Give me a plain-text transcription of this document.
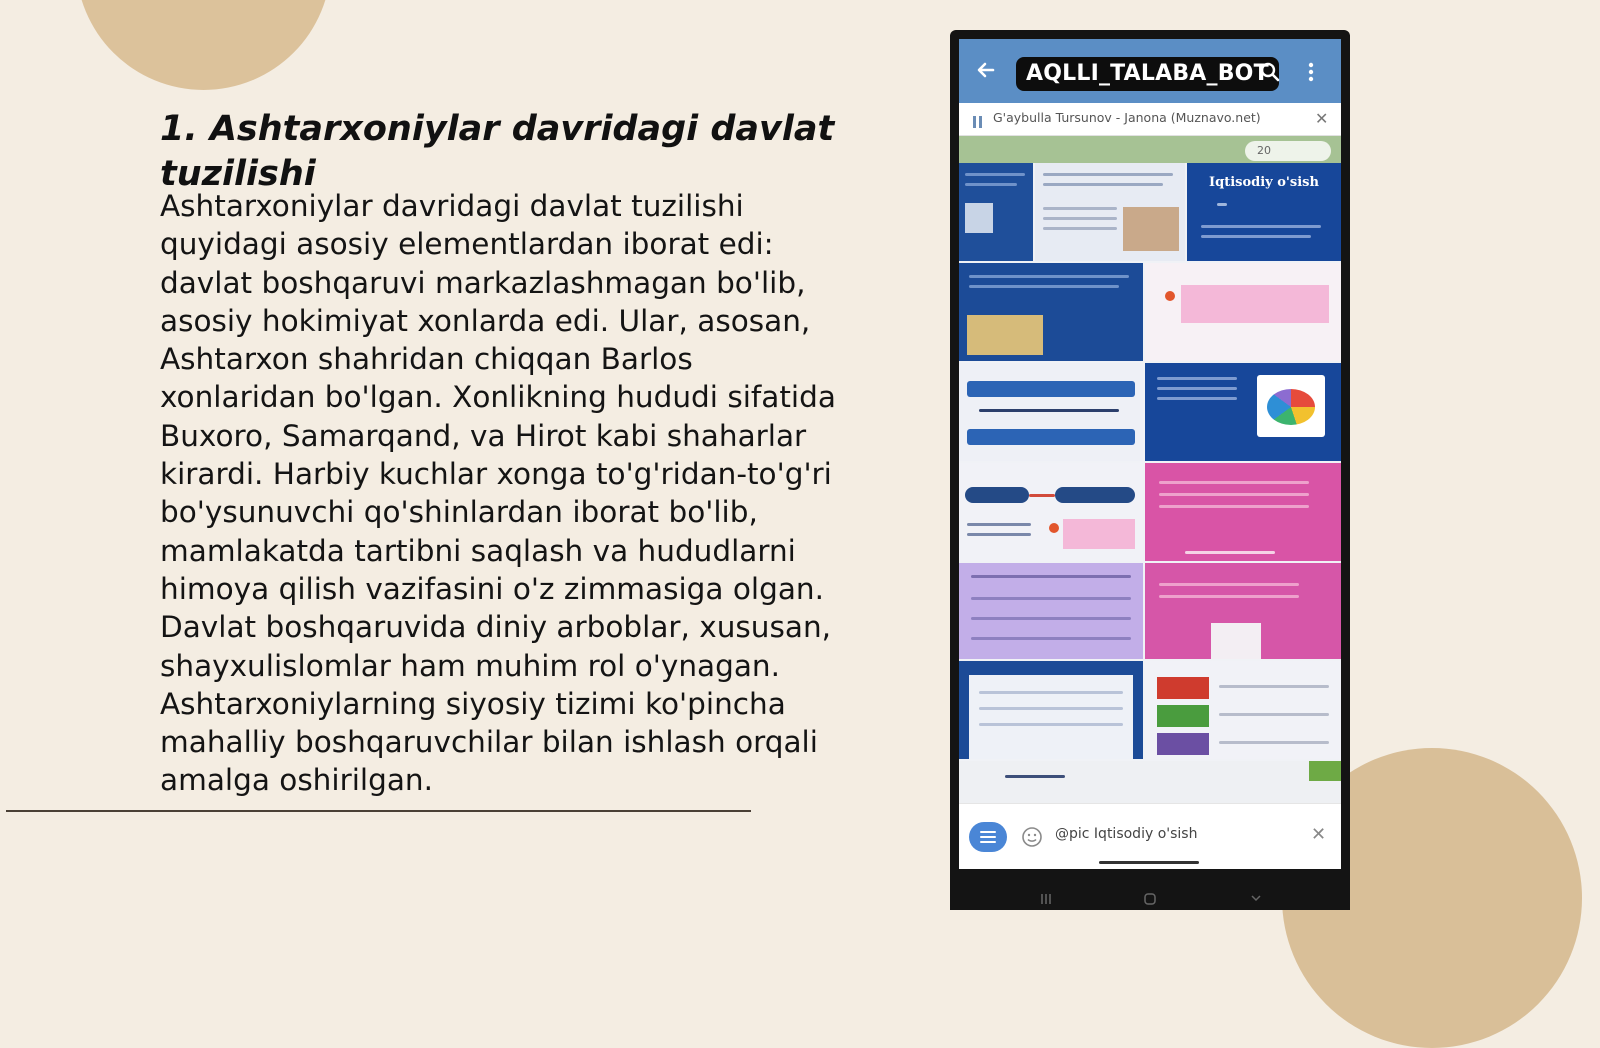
1. Ashtarxoniylar davridagi davlat tuzilishi

Ashtarxoniylar davridagi davlat tuzilishi quyidagi asosiy elementlardan iborat edi: davlat boshqaruvi markazlashmagan bo'lib, asosiy hokimiyat xonlarda edi. Ular, asosan, Ashtarxon shahridan chiqqan Barlos xonlaridan bo'lgan. Xonlikning hududi sifatida Buxoro, Samarqand, va Hirot kabi shaharlar kirardi. Harbiy kuchlar xonga to'g'ridan-to'g'ri bo'ysunuvchi qo'shinlardan iborat bo'lib, mamlakatda tartibni saqlash va hududlarni himoya qilish vazifasini o'z zimmasiga olgan. Davlat boshqaruvida diniy arboblar, xususan, shayxulislomlar ham muhim rol o'ynagan. Ashtarxoniylarning siyosiy tizimi ko'pincha mahalliy boshqaruvchilar bilan ishlash orqali amalga oshirilgan.

AQLLI_TALABA_BOT
G'aybulla Tursunov - Janona (Muznavo.net)	✕
20
Iqtisodiy o'sish
@pic Iqtisodiy o'sish	✕
